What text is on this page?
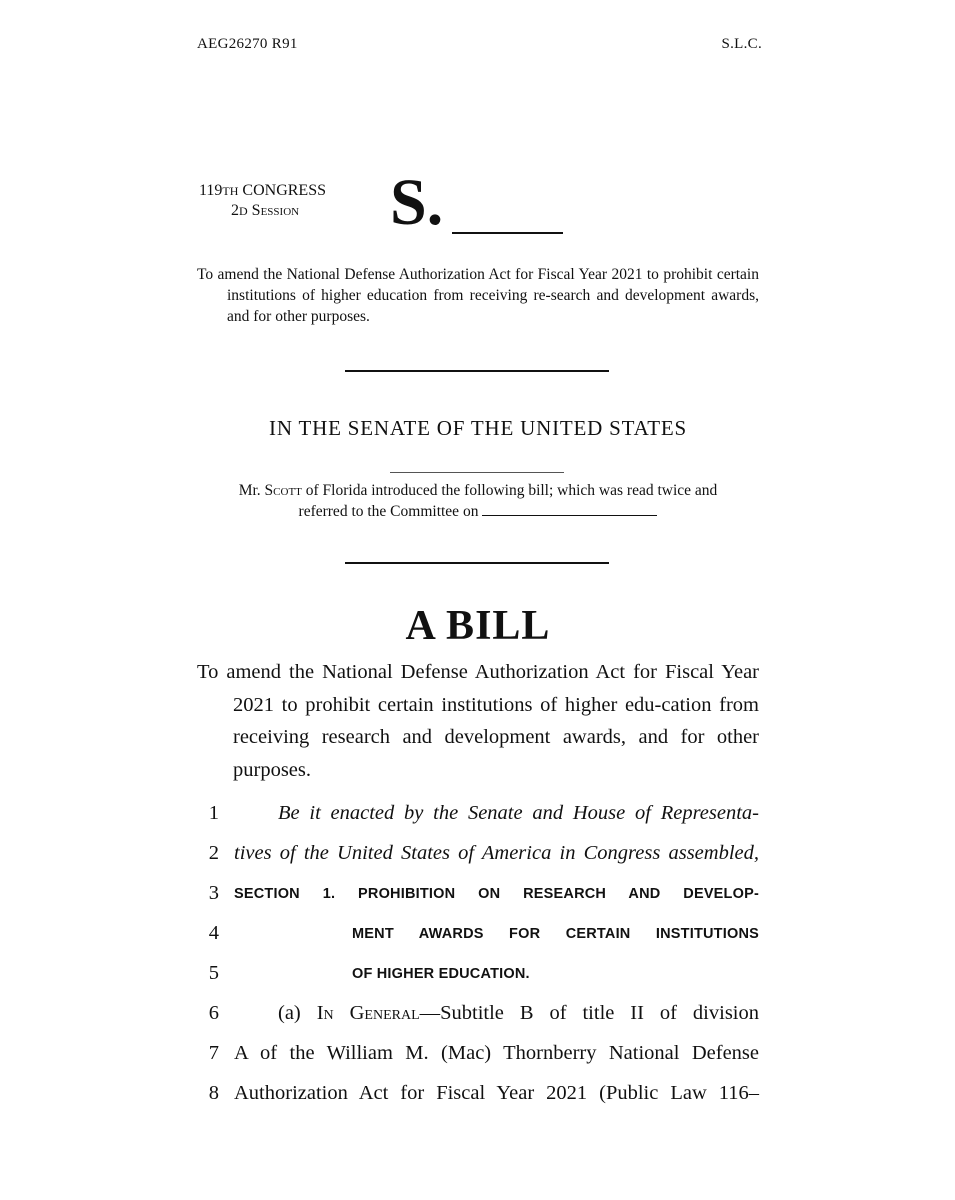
AEG26270 R91	S.L.C.
119TH CONGRESS
2D Session	S.
To amend the National Defense Authorization Act for Fiscal Year 2021 to prohibit certain institutions of higher education from receiving re-search and development awards, and for other purposes.
IN THE SENATE OF THE UNITED STATES
Mr. Scott of Florida introduced the following bill; which was read twice and
referred to the Committee on
A BILL
To amend the National Defense Authorization Act for Fiscal Year 2021 to prohibit certain institutions of higher edu-cation from receiving research and development awards, and for other purposes.
1	Be it enacted by the Senate and House of Representa-
2 tives of the United States of America in Congress assembled,
3 SECTION 1. PROHIBITION ON RESEARCH AND DEVELOP-
4	MENT AWARDS FOR CERTAIN INSTITUTIONS
5	OF HIGHER EDUCATION.
6	(a) In General—Subtitle B of title II of division
7 A of the William M. (Mac) Thornberry National Defense
8 Authorization Act for Fiscal Year 2021 (Public Law 116–
